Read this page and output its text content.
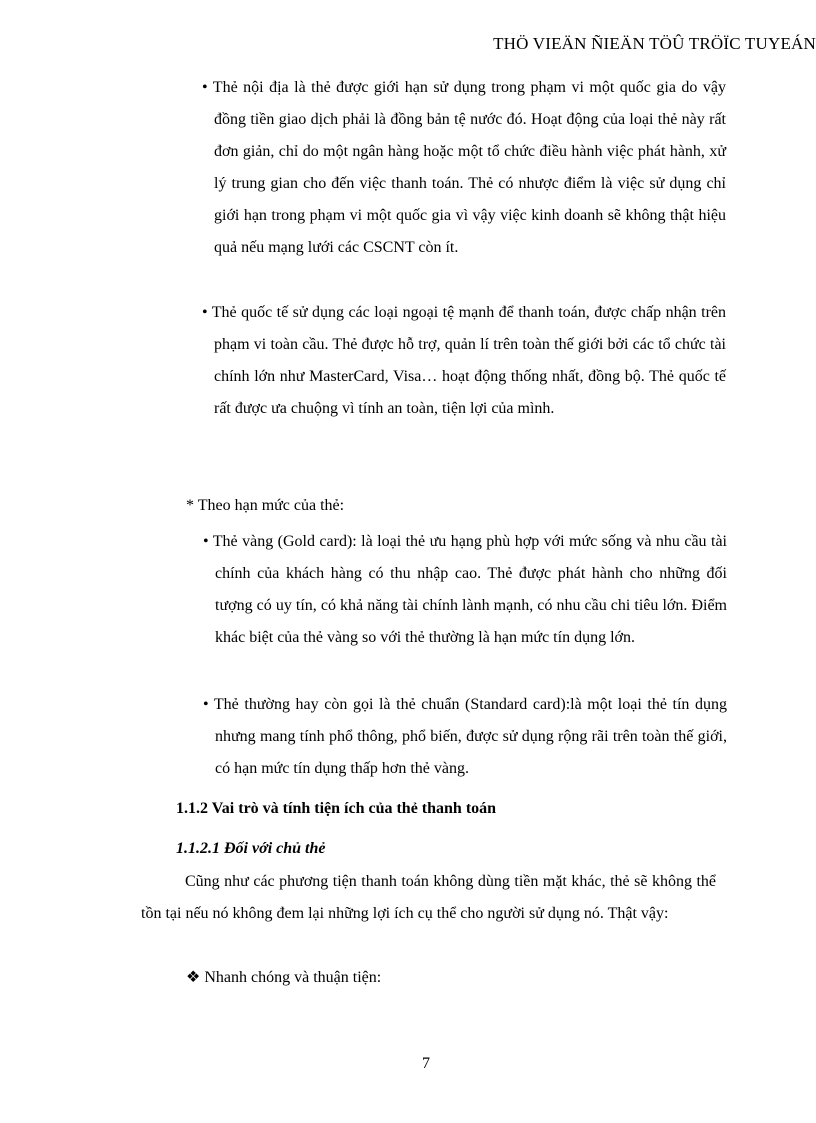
THÖ VIEÄN ÑIEÄN TÖÛ TRÖÏC TUYEÁN
• Thẻ nội địa là thẻ được giới hạn sử dụng trong phạm vi một quốc gia do vậy đồng tiền giao dịch phải là đồng bản tệ nước đó. Hoạt động của loại thẻ này rất đơn giản, chỉ do một ngân hàng hoặc một tổ chức điều hành việc phát hành, xử lý trung gian cho đến việc thanh toán. Thẻ có nhược điểm là việc sử dụng chỉ giới hạn trong phạm vi một quốc gia vì vậy việc kinh doanh sẽ không thật hiệu quả nếu mạng lưới các CSCNT còn ít.
• Thẻ quốc tế sử dụng các loại ngoại tệ mạnh để thanh toán, được chấp nhận trên phạm vi toàn cầu. Thẻ được hỗ trợ, quản lí trên toàn thế giới bởi các tổ chức tài chính lớn như MasterCard, Visa… hoạt động thống nhất, đồng bộ. Thẻ quốc tế rất được ưa chuộng vì tính an toàn, tiện lợi của mình.
* Theo hạn mức của thẻ:
• Thẻ vàng (Gold card): là loại thẻ ưu hạng phù hợp với mức sống và nhu cầu tài chính của khách hàng có thu nhập cao. Thẻ được phát hành cho những đối tượng có uy tín, có khả năng tài chính lành mạnh, có nhu cầu chi tiêu lớn. Điểm khác biệt của thẻ vàng so với thẻ thường là hạn mức tín dụng lớn.
• Thẻ thường hay còn gọi là thẻ chuẩn (Standard card):là một loại thẻ tín dụng nhưng mang tính phổ thông, phổ biến, được sử dụng rộng rãi trên toàn thế giới, có hạn mức tín dụng thấp hơn thẻ vàng.
1.1.2 Vai trò và tính tiện ích của thẻ thanh toán
1.1.2.1 Đối với chủ thẻ
Cũng như các phương tiện thanh toán không dùng tiền mặt khác, thẻ sẽ không thể tồn tại nếu nó không đem lại những lợi ích cụ thể cho người sử dụng nó. Thật vậy:
❖ Nhanh chóng và thuận tiện:
7
